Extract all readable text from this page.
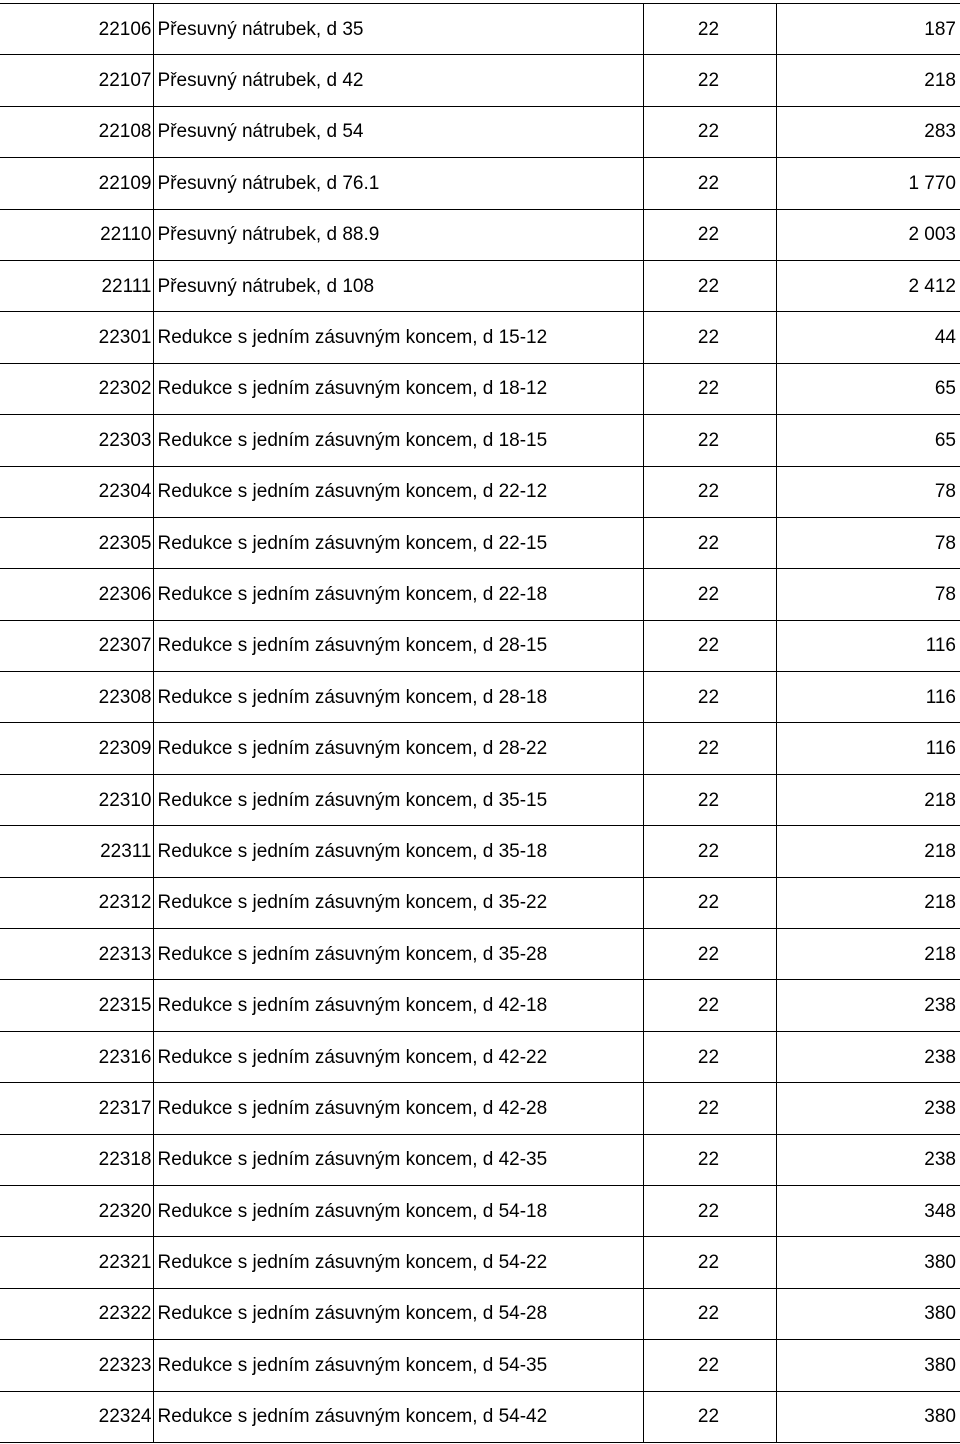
22106	Přesuvný nátrubek, d 35	22	187
22107	Přesuvný nátrubek, d 42	22	218
22108	Přesuvný nátrubek, d 54	22	283
22109	Přesuvný nátrubek, d 76.1	22	1 770
22110	Přesuvný nátrubek, d 88.9	22	2 003
22111	Přesuvný nátrubek, d 108	22	2 412
22301	Redukce s jedním zásuvným koncem, d 15-12	22	44
22302	Redukce s jedním zásuvným koncem, d 18-12	22	65
22303	Redukce s jedním zásuvným koncem, d 18-15	22	65
22304	Redukce s jedním zásuvným koncem, d 22-12	22	78
22305	Redukce s jedním zásuvným koncem, d 22-15	22	78
22306	Redukce s jedním zásuvným koncem, d 22-18	22	78
22307	Redukce s jedním zásuvným koncem, d 28-15	22	116
22308	Redukce s jedním zásuvným koncem, d 28-18	22	116
22309	Redukce s jedním zásuvným koncem, d 28-22	22	116
22310	Redukce s jedním zásuvným koncem, d 35-15	22	218
22311	Redukce s jedním zásuvným koncem, d 35-18	22	218
22312	Redukce s jedním zásuvným koncem, d 35-22	22	218
22313	Redukce s jedním zásuvným koncem, d 35-28	22	218
22315	Redukce s jedním zásuvným koncem, d 42-18	22	238
22316	Redukce s jedním zásuvným koncem, d 42-22	22	238
22317	Redukce s jedním zásuvným koncem, d 42-28	22	238
22318	Redukce s jedním zásuvným koncem, d 42-35	22	238
22320	Redukce s jedním zásuvným koncem, d 54-18	22	348
22321	Redukce s jedním zásuvným koncem, d 54-22	22	380
22322	Redukce s jedním zásuvným koncem, d 54-28	22	380
22323	Redukce s jedním zásuvným koncem, d 54-35	22	380
22324	Redukce s jedním zásuvným koncem, d 54-42	22	380
